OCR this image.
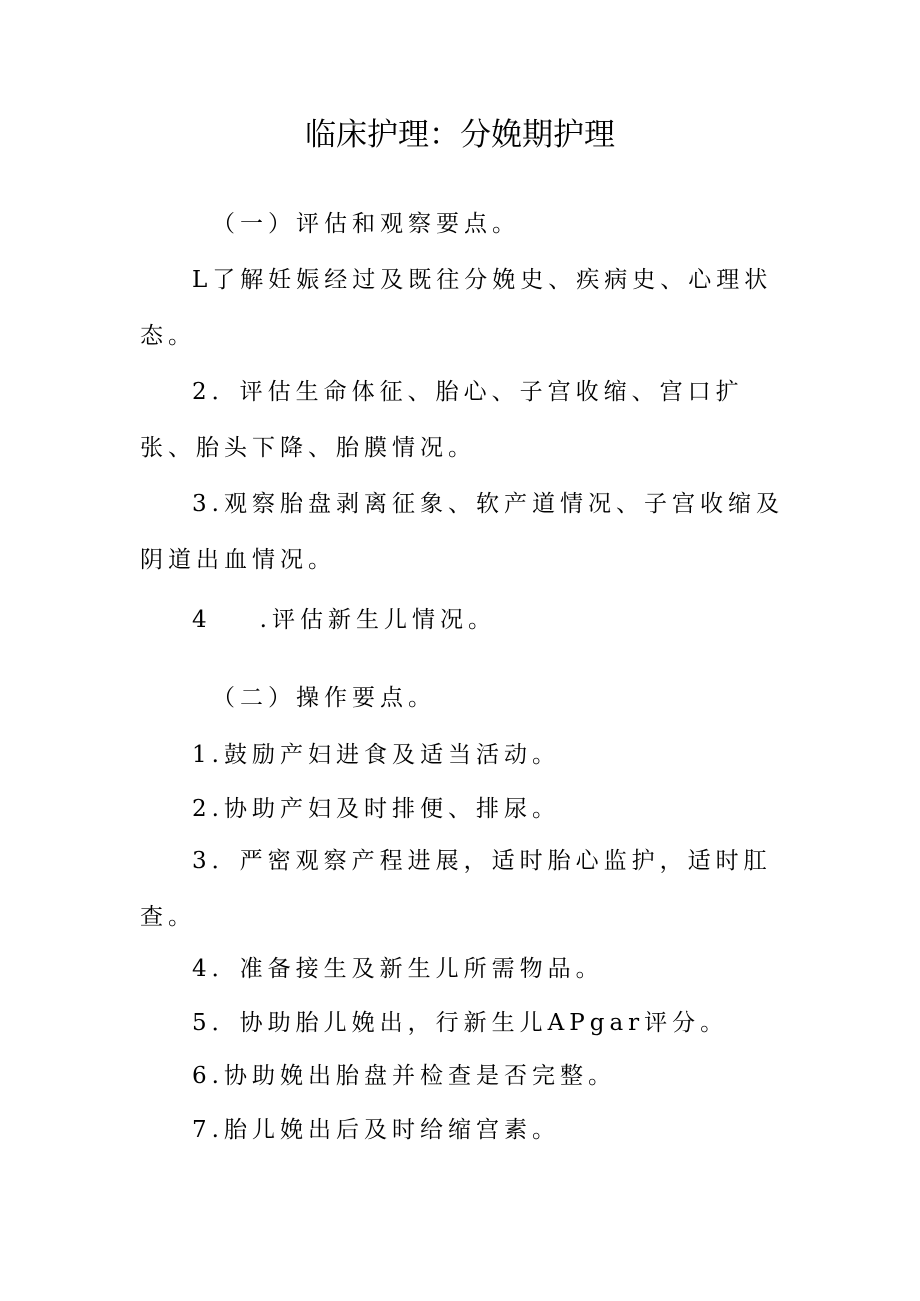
临床护理：分娩期护理
（一）评估和观察要点。
L了解妊娠经过及既往分娩史、疾病史、心理状
态。
2．评估生命体征、胎心、子宫收缩、宫口扩
张、胎头下降、胎膜情况。
3.观察胎盘剥离征象、软产道情况、子宫收缩及
阴道出血情况。
4 .评估新生儿情况。
（二）操作要点。
1.鼓励产妇进食及适当活动。
2.协助产妇及时排便、排尿。
3．严密观察产程进展，适时胎心监护，适时肛
查。
4．准备接生及新生儿所需物品。
5．协助胎儿娩出，行新生儿APgar评分。
6.协助娩出胎盘并检查是否完整。
7.胎儿娩出后及时给缩宫素。
